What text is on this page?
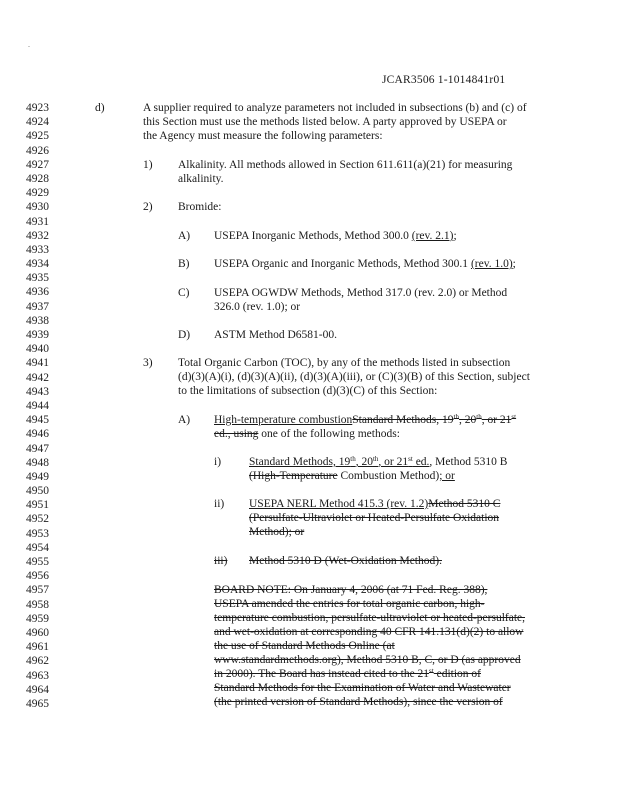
.
JCAR3506 1-1014841r01
4923
4924
4925
4926
4927
4928
4929
4930
4931
4932
4933
4934
4935
4936
4937
4938
4939
4940
4941
4942
4943
4944
4945
4946
4947
4948
4949
4950
4951
4952
4953
4954
4955
4956
4957
4958
4959
4960
4961
4962
4963
4964
4965
d)	A supplier required to analyze parameters not included in subsections (b) and (c) of
this Section must use the methods listed below. A party approved by USEPA or
the Agency must measure the following parameters:
1) Alkalinity. All methods allowed in Section 611.611(a)(21) for measuring
alkalinity.
2) Bromide:
A) USEPA Inorganic Methods, Method 300.0 (rev. 2.1);
B) USEPA Organic and Inorganic Methods, Method 300.1 (rev. 1.0);
C) USEPA OGWDW Methods, Method 317.0 (rev. 2.0) or Method
326.0 (rev. 1.0); or
D) ASTM Method D6581-00.
3) Total Organic Carbon (TOC), by any of the methods listed in subsection
(d)(3)(A)(i), (d)(3)(A)(ii), (d)(3)(A)(iii), or (C)(3)(B) of this Section, subject
to the limitations of subsection (d)(3)(C) of this Section:
A) High-temperature combustionStandard Methods, 19th, 20th, or 21st
ed., using one of the following methods:
i) Standard Methods, 19th, 20th, or 21st ed., Method 5310 B
(High-Temperature Combustion Method); or
ii) USEPA NERL Method 415.3 (rev. 1.2)Method 5310 C
(Persulfate-Ultraviolet or Heated-Persulfate Oxidation
Method); or
iii) Method 5310 D (Wet-Oxidation Method).
BOARD NOTE: On January 4, 2006 (at 71 Fed. Reg. 388),
USEPA amended the entries for total organic carbon, high-
temperature combustion, persulfate-ultraviolet or heated-persulfate,
and wet-oxidation at corresponding 40 CFR 141.131(d)(2) to allow
the use of Standard Methods Online (at
www.standardmethods.org), Method 5310 B, C, or D (as approved
in 2000). The Board has instead cited to the 21st edition of
Standard Methods for the Examination of Water and Wastewater
(the printed version of Standard Methods), since the version of
